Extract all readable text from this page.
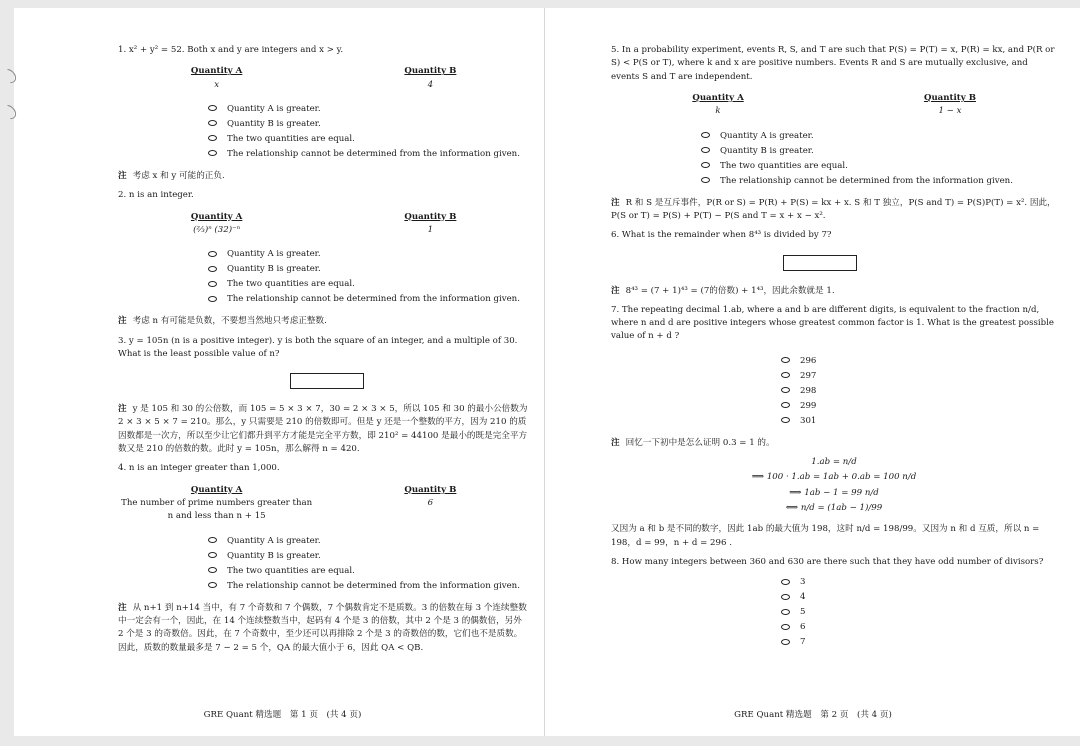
1. x² + y² = 52. Both x and y are integers and x > y.

Quantity A
x
Quantity B
4
Quantity A is greater.
Quantity B is greater.
The two quantities are equal.
The relationship cannot be determined from the information given.

注 考虑 x 和 y 可能的正负.

2. n is an integer.

Quantity A
(⅔)ⁿ (32)⁻ⁿ
Quantity B
1
Quantity A is greater.
Quantity B is greater.
The two quantities are equal.
The relationship cannot be determined from the information given.

注 考虑 n 有可能是负数，不要想当然地只考虑正整数.

3. y = 105n (n is a positive integer). y is both the square of an integer, and a multiple of 30. What is the least possible value of n?

注 y 是 105 和 30 的公倍数，而 105 = 5 × 3 × 7，30 = 2 × 3 × 5，所以 105 和 30 的最小公倍数为 2 × 3 × 5 × 7 = 210。那么，y 只需要是 210 的倍数即可。但是 y 还是一个整数的平方，因为 210 的质因数都是一次方，所以至少让它们都升到平方才能是完全平方数，即 210² = 44100 是最小的既是完全平方数又是 210 的倍数的数。此时 y = 105n，那么解得 n = 420.

4. n is an integer greater than 1,000.

Quantity A
The number of prime numbers greater than n and less than n + 15
Quantity B
6
Quantity A is greater.
Quantity B is greater.
The two quantities are equal.
The relationship cannot be determined from the information given.

注 从 n+1 到 n+14 当中，有 7 个奇数和 7 个偶数，7 个偶数肯定不是质数。3 的倍数在每 3 个连续整数中一定会有一个，因此，在 14 个连续整数当中，起码有 4 个是 3 的倍数，其中 2 个是 3 的偶数倍，另外 2 个是 3 的奇数倍。因此，在 7 个奇数中，至少还可以再排除 2 个是 3 的奇数倍的数，它们也不是质数。因此，质数的数量最多是 7 − 2 = 5 个，QA 的最大值小于 6，因此 QA < QB.

GRE Quant 精选题　第 1 页　(共 4 页)

5. In a probability experiment, events R, S, and T are such that P(S) = P(T) = x, P(R) = kx, and P(R or S) < P(S or T), where k and x are positive numbers. Events R and S are mutually exclusive, and events S and T are independent.

Quantity A
k
Quantity B
1 − x
Quantity A is greater.
Quantity B is greater.
The two quantities are equal.
The relationship cannot be determined from the information given.

注 R 和 S 是互斥事件，P(R or S) = P(R) + P(S) = kx + x. S 和 T 独立，P(S and T) = P(S)P(T) = x². 因此，P(S or T) = P(S) + P(T) − P(S and T = x + x − x².

6. What is the remainder when 8⁴³ is divided by 7?

注 8⁴³ = (7 + 1)⁴³ = (7的倍数) + 1⁴³，因此余数就是 1.

7. The repeating decimal 1.ab, where a and b are different digits, is equivalent to the fraction n/d, where n and d are positive integers whose greatest common factor is 1. What is the greatest possible value of n + d ?

296
297
298
299
301

注 回忆一下初中是怎么证明 0.3 = 1 的。

1.ab = n/d

⟹ 100 · 1.ab = 1ab + 0.ab = 100 n/d

⟹ 1ab − 1 = 99 n/d

⟺ n/d = (1ab − 1)/99

又因为 a 和 b 是不同的数字，因此 1ab 的最大值为 198，这时 n/d = 198/99。又因为 n 和 d 互质，所以 n = 198，d = 99，n + d = 296 .

8. How many integers between 360 and 630 are there such that they have odd number of divisors?

3
4
5
6
7
GRE Quant 精选题　第 2 页　(共 4 页)
